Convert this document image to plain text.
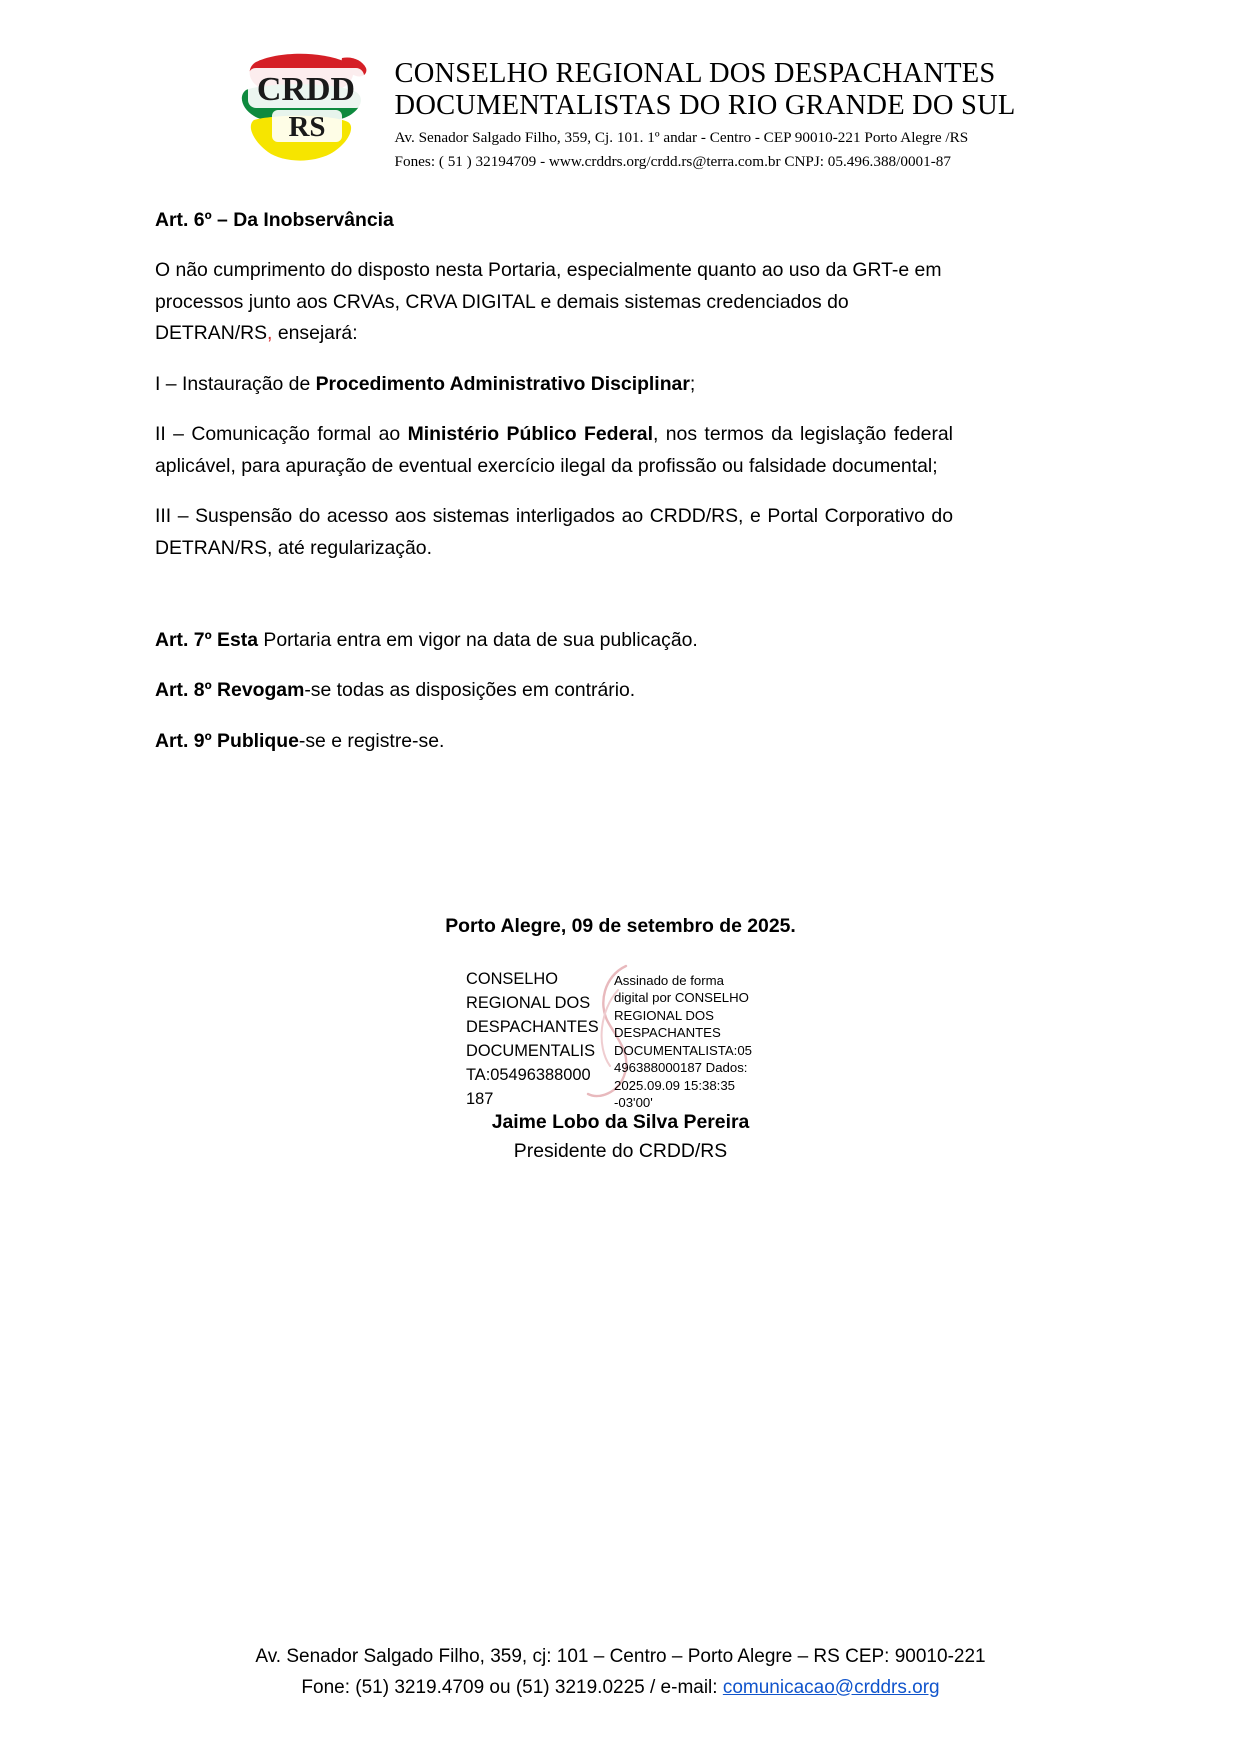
CRDD
RS
CONSELHO REGIONAL DOS DESPACHANTES
DOCUMENTALISTAS DO RIO GRANDE DO SUL
Av. Senador Salgado Filho, 359, Cj. 101. 1º andar - Centro - CEP 90010-221 Porto Alegre /RS
Fones: ( 51 ) 32194709 - www.crddrs.org/crdd.rs@terra.com.br CNPJ: 05.496.388/0001-87

Art. 6º – Da Inobservância

O não cumprimento do disposto nesta Portaria, especialmente quanto ao uso da GRT-e em processos junto aos CRVAs, CRVA DIGITAL e demais sistemas credenciados do DETRAN/RS, ensejará:

I – Instauração de Procedimento Administrativo Disciplinar;

II – Comunicação formal ao Ministério Público Federal, nos termos da legislação federal aplicável, para apuração de eventual exercício ilegal da profissão ou falsidade documental;

III – Suspensão do acesso aos sistemas interligados ao CRDD/RS, e Portal Corporativo do DETRAN/RS, até regularização.

Art. 7º Esta Portaria entra em vigor na data de sua publicação.

Art. 8º Revogam-se todas as disposições em contrário.

Art. 9º Publique-se e registre-se.

Porto Alegre, 09 de setembro de 2025.
CONSELHO REGIONAL DOS DESPACHANTES DOCUMENTALIS TA:05496388000 187
Assinado de forma digital por CONSELHO REGIONAL DOS DESPACHANTES DOCUMENTALISTA:05 496388000187 Dados: 2025.09.09 15:38:35 -03'00'
Jaime Lobo da Silva Pereira
Presidente do CRDD/RS
Av. Senador Salgado Filho, 359, cj: 101 – Centro – Porto Alegre – RS CEP: 90010-221
Fone: (51) 3219.4709 ou (51) 3219.0225 / e-mail: comunicacao@crddrs.org
